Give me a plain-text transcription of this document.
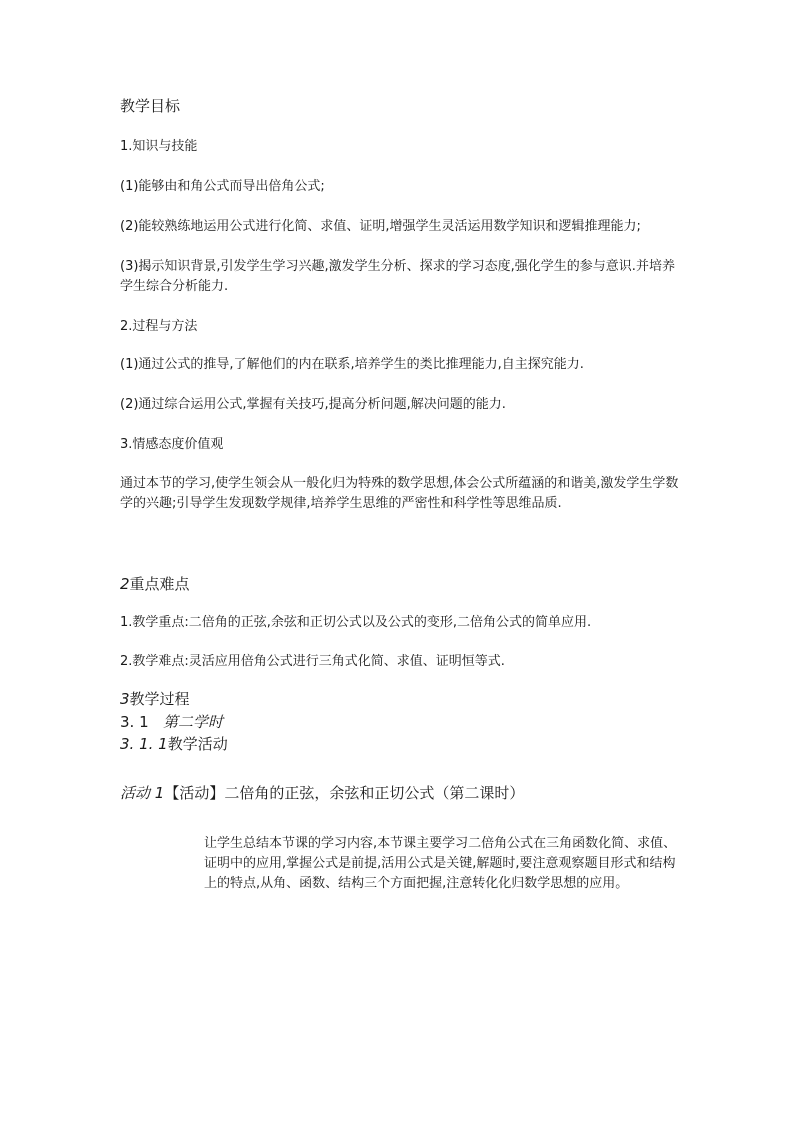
教学目标
1.知识与技能
(1)能够由和角公式而导出倍角公式;
(2)能较熟练地运用公式进行化简、求值、证明,增强学生灵活运用数学知识和逻辑推理能力;
(3)揭示知识背景,引发学生学习兴趣,激发学生分析、探求的学习态度,强化学生的参与意识.并培养学生综合分析能力.
2.过程与方法
(1)通过公式的推导,了解他们的内在联系,培养学生的类比推理能力,自主探究能力.
(2)通过综合运用公式,掌握有关技巧,提高分析问题,解决问题的能力.
3.情感态度价值观
通过本节的学习,使学生领会从一般化归为特殊的数学思想,体会公式所蕴涵的和谐美,激发学生学数学的兴趣;引导学生发现数学规律,培养学生思维的严密性和科学性等思维品质.
2重点难点
1.教学重点:二倍角的正弦,余弦和正切公式以及公式的变形,二倍角公式的简单应用.
2.教学难点:灵活应用倍角公式进行三角式化简、求值、证明恒等式.
3教学过程
3. 1 第二学时
3. 1. 1教学活动
活动 1【活动】二倍角的正弦，余弦和正切公式（第二课时）
让学生总结本节课的学习内容,本节课主要学习二倍角公式在三角函数化简、求值、证明中的应用,掌握公式是前提,活用公式是关键,解题时,要注意观察题目形式和结构上的特点,从角、函数、结构三个方面把握,注意转化化归数学思想的应用。
